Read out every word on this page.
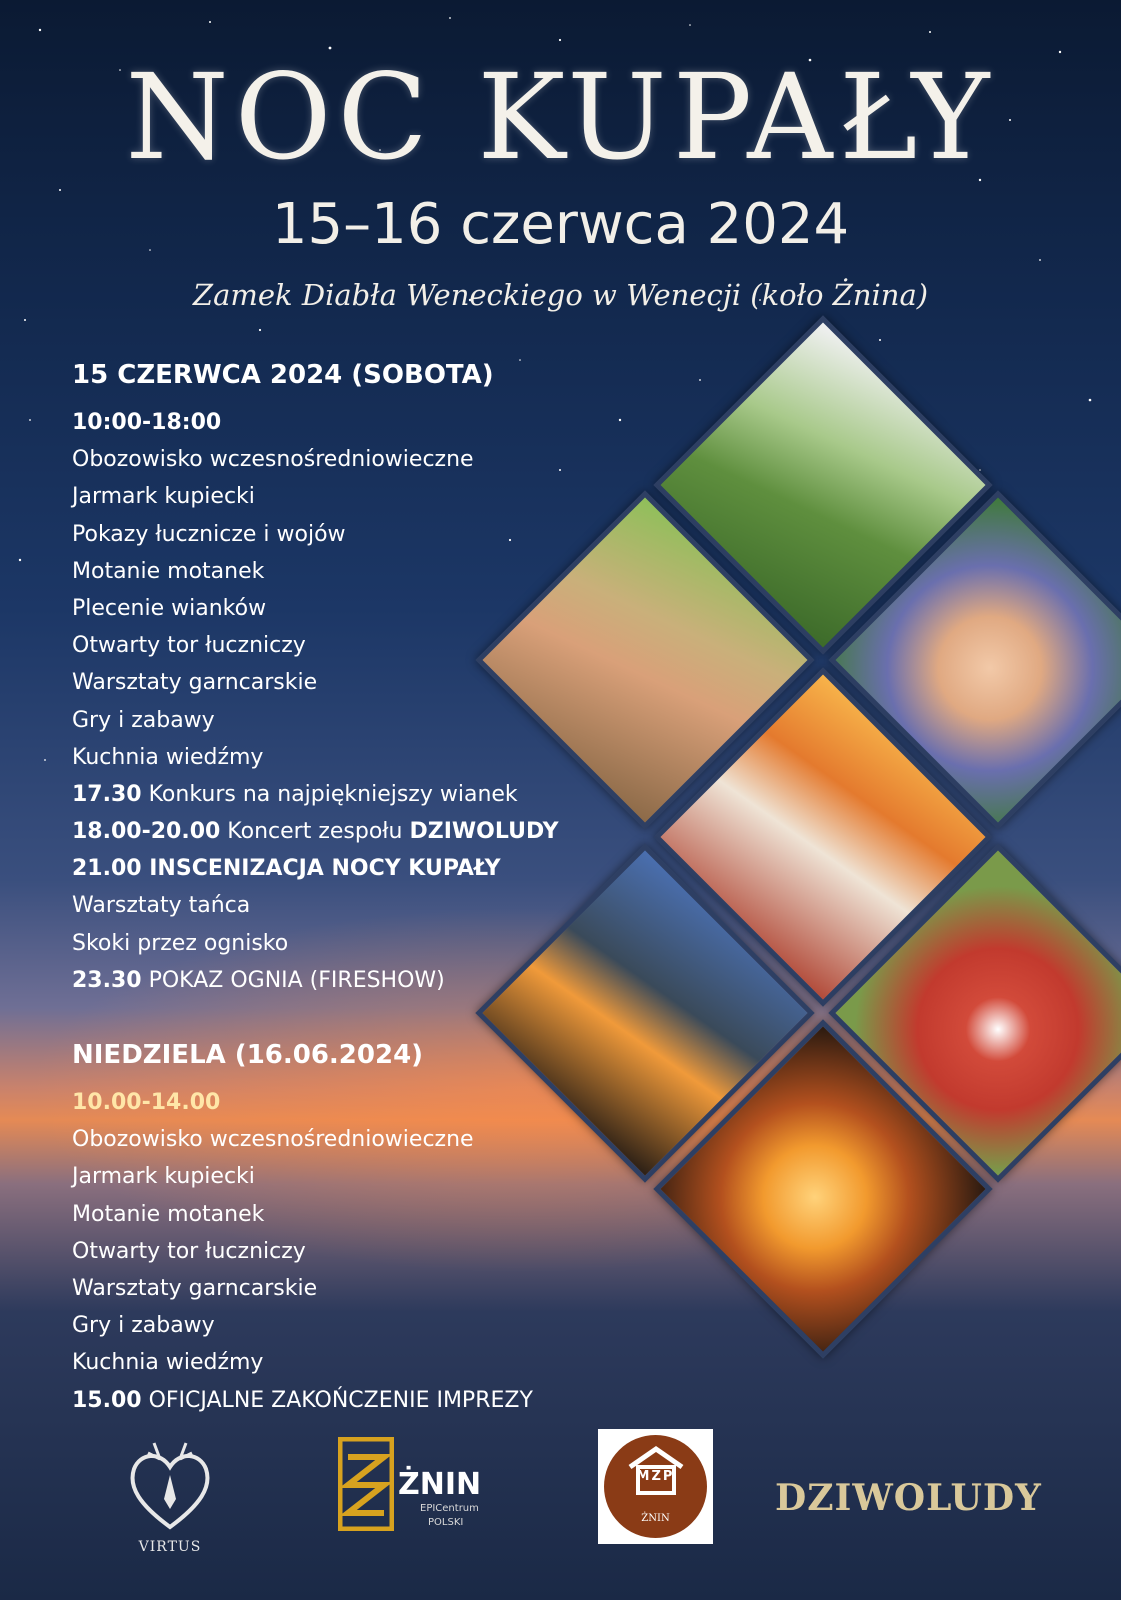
NOC KUPAŁY
15–16 czerwca 2024
Zamek Diabła Weneckiego w Wenecji (koło Żnina)
15 CZERWCA 2024 (SOBOTA)
10:00-18:00
Obozowisko wczesnośredniowieczne
Jarmark kupiecki
Pokazy łucznicze i wojów
Motanie motanek
Plecenie wianków
Otwarty tor łuczniczy
Warsztaty garncarskie
Gry i zabawy
Kuchnia wiedźmy
17.30 Konkurs na najpiękniejszy wianek
18.00-20.00 Koncert zespołu DZIWOLUDY
21.00 INSCENIZACJA NOCY KUPAŁY
Warsztaty tańca
Skoki przez ognisko
23.30 POKAZ OGNIA (FIRESHOW)
NIEDZIELA (16.06.2024)
10.00-14.00
Obozowisko wczesnośredniowieczne
Jarmark kupiecki
Motanie motanek
Otwarty tor łuczniczy
Warsztaty garncarskie
Gry i zabawy
Kuchnia wiedźmy
15.00 OFICJALNE ZAKOŃCZENIE IMPREZY
VIRTUS
ŻNIN
EPICentrum
POLSKI
MZP
ŻNIN	DZIWOLUDY
